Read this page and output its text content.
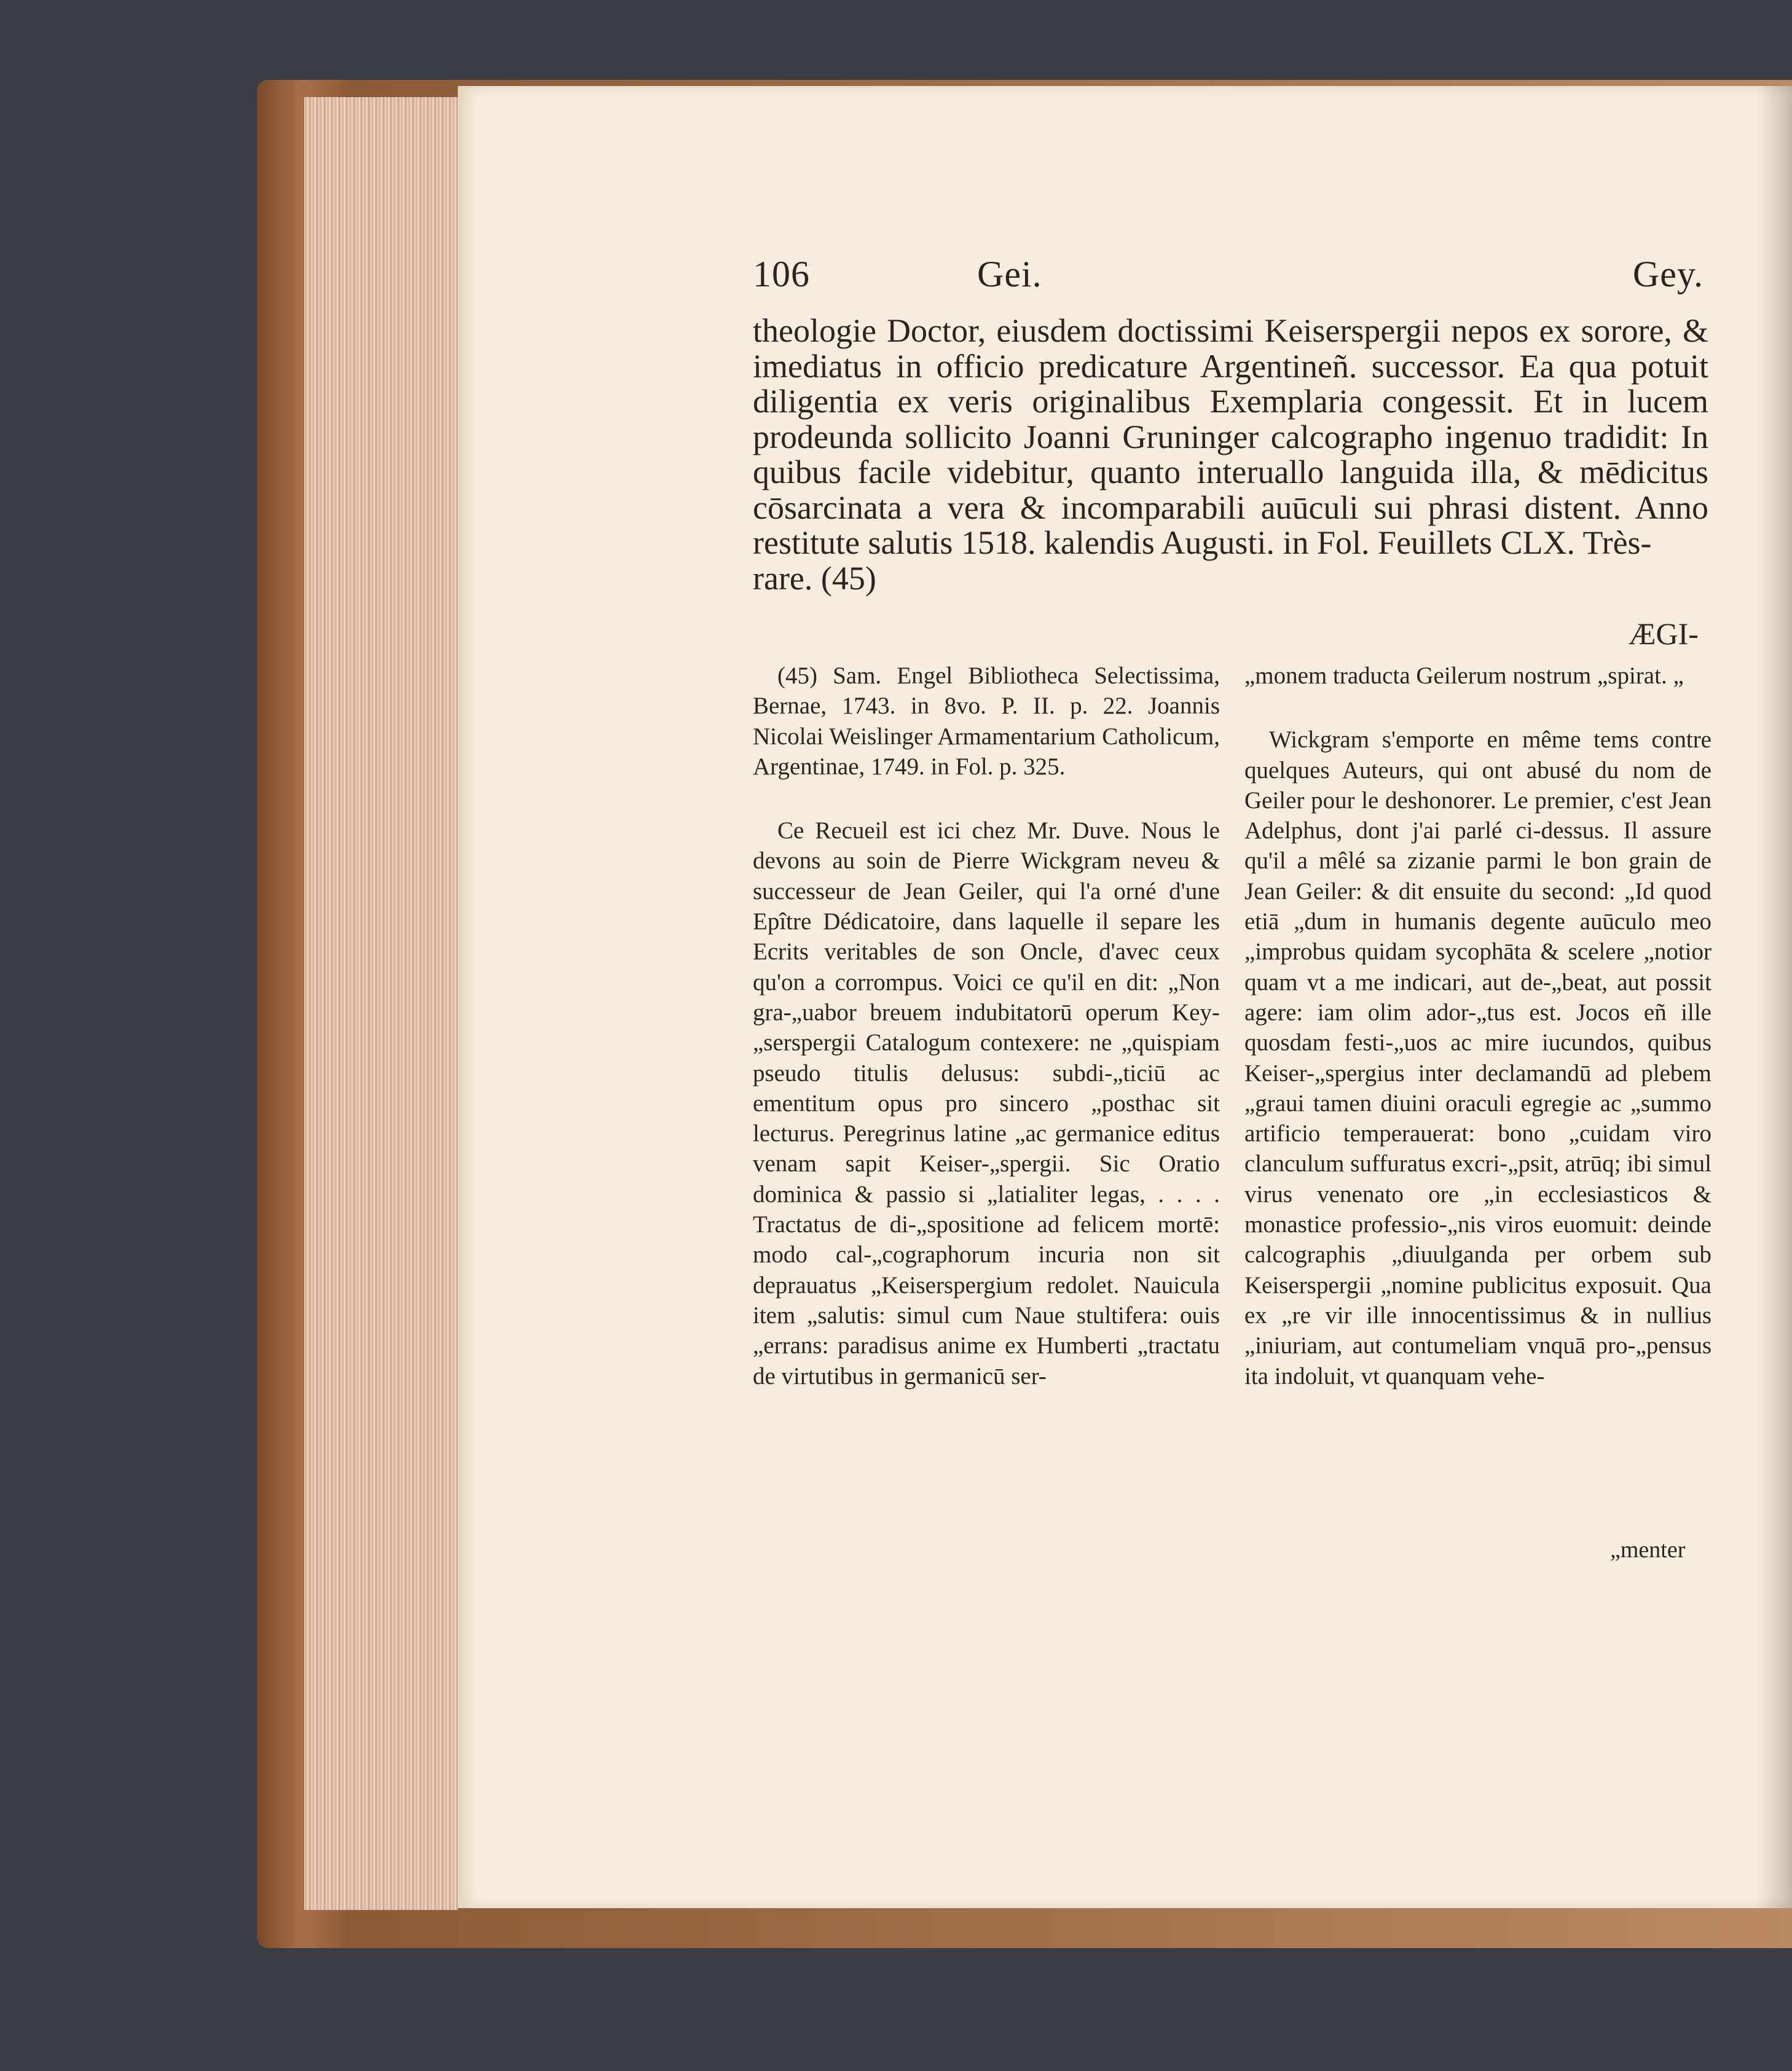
106	Gei.	Gey.

theologie Doctor, eiusdem doctissimi Keiserspergii nepos ex sorore, & imediatus in officio predicature Argentineñ. successor. Ea qua potuit diligentia ex veris originalibus Exemplaria congessit. Et in lucem prodeunda sollicito Joanni Gruninger calcographo ingenuo tradidit: In quibus facile videbitur, quanto interuallo languida illa, & mēdicitus cōsarcinata a vera & incomparabili auūculi sui phrasi distent. Anno restitute salutis 1518. kalendis Augusti. in Fol. Feuillets CLX. Très-

rare. (45)

ÆGI-

(45) Sam. Engel Bibliotheca Selectissima, Bernae, 1743. in 8vo. P. II. p. 22. Joannis Nicolai Weislinger Armamentarium Catholicum, Argentinae, 1749. in Fol. p. 325.

Ce Recueil est ici chez Mr. Duve. Nous le devons au soin de Pierre Wickgram neveu & successeur de Jean Geiler, qui l'a orné d'une Epître Dédicatoire, dans laquelle il separe les Ecrits veritables de son Oncle, d'avec ceux qu'on a corrompus. Voici ce qu'il en dit: „Non gra-„uabor breuem indubitatorū operum Key-„serspergii Catalogum contexere: ne „quispiam pseudo titulis delusus: subdi-„ticiū ac ementitum opus pro sincero „posthac sit lecturus. Peregrinus latine „ac germanice editus venam sapit Keiser-„spergii. Sic Oratio dominica & passio si „latialiter legas, . . . . Tractatus de di-„spositione ad felicem mortē: modo cal-„cographorum incuria non sit deprauatus „Keiserspergium redolet. Nauicula item „salutis: simul cum Naue stultifera: ouis „errans: paradisus anime ex Humberti „tractatu de virtutibus in germanicū ser-

„monem traducta Geilerum nostrum „spirat. „

Wickgram s'emporte en même tems contre quelques Auteurs, qui ont abusé du nom de Geiler pour le deshonorer. Le premier, c'est Jean Adelphus, dont j'ai parlé ci-dessus. Il assure qu'il a mêlé sa zizanie parmi le bon grain de Jean Geiler: & dit ensuite du second: „Id quod etiā „dum in humanis degente auūculo meo „improbus quidam sycophāta & scelere „notior quam vt a me indicari, aut de-„beat, aut possit agere: iam olim ador-„tus est. Jocos eñ ille quosdam festi-„uos ac mire iucundos, quibus Keiser-„spergius inter declamandū ad plebem „graui tamen diuini oraculi egregie ac „summo artificio temperauerat: bono „cuidam viro clanculum suffuratus excri-„psit, atrūq; ibi simul virus venenato ore „in ecclesiasticos & monastice professio-„nis viros euomuit: deinde calcographis „diuulganda per orbem sub Keiserspergii „nomine publicitus exposuit. Qua ex „re vir ille innocentissimus & in nullius „iniuriam, aut contumeliam vnquā pro-„pensus ita indoluit, vt quanquam vehe-

„menter
